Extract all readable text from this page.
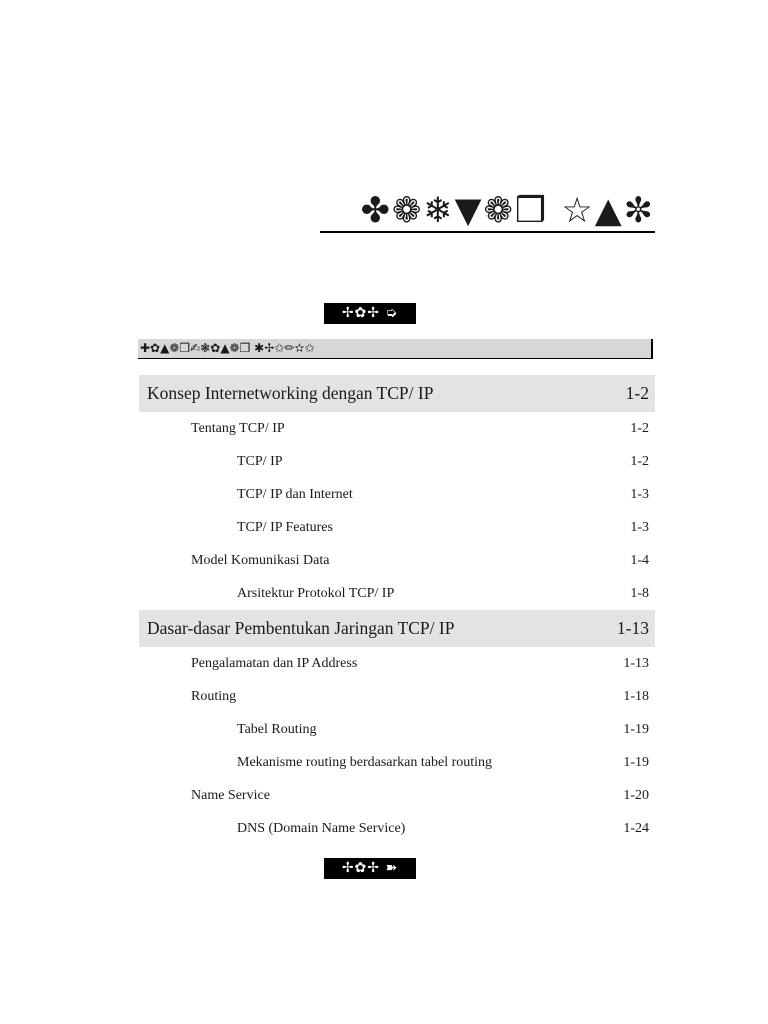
✤❁❄▼❁❒ ☆▲✼
✢✿✢ ➭
✚✿▲❁❒✍❃✿▲❁❒ ✱✢✩✏✫✩
Konsep Internetworking dengan TCP/ IP	1-2
Tentang TCP/ IP	1-2
TCP/ IP	1-2
TCP/ IP dan Internet	1-3
TCP/ IP Features	1-3
Model Komunikasi Data	1-4
Arsitektur Protokol TCP/ IP	1-8
Dasar-dasar Pembentukan Jaringan TCP/ IP	1-13
Pengalamatan dan IP Address	1-13
Routing	1-18
Tabel Routing	1-19
Mekanisme routing berdasarkan tabel routing	1-19
Name Service	1-20
DNS (Domain Name Service)	1-24
✢✿✢ ➽
